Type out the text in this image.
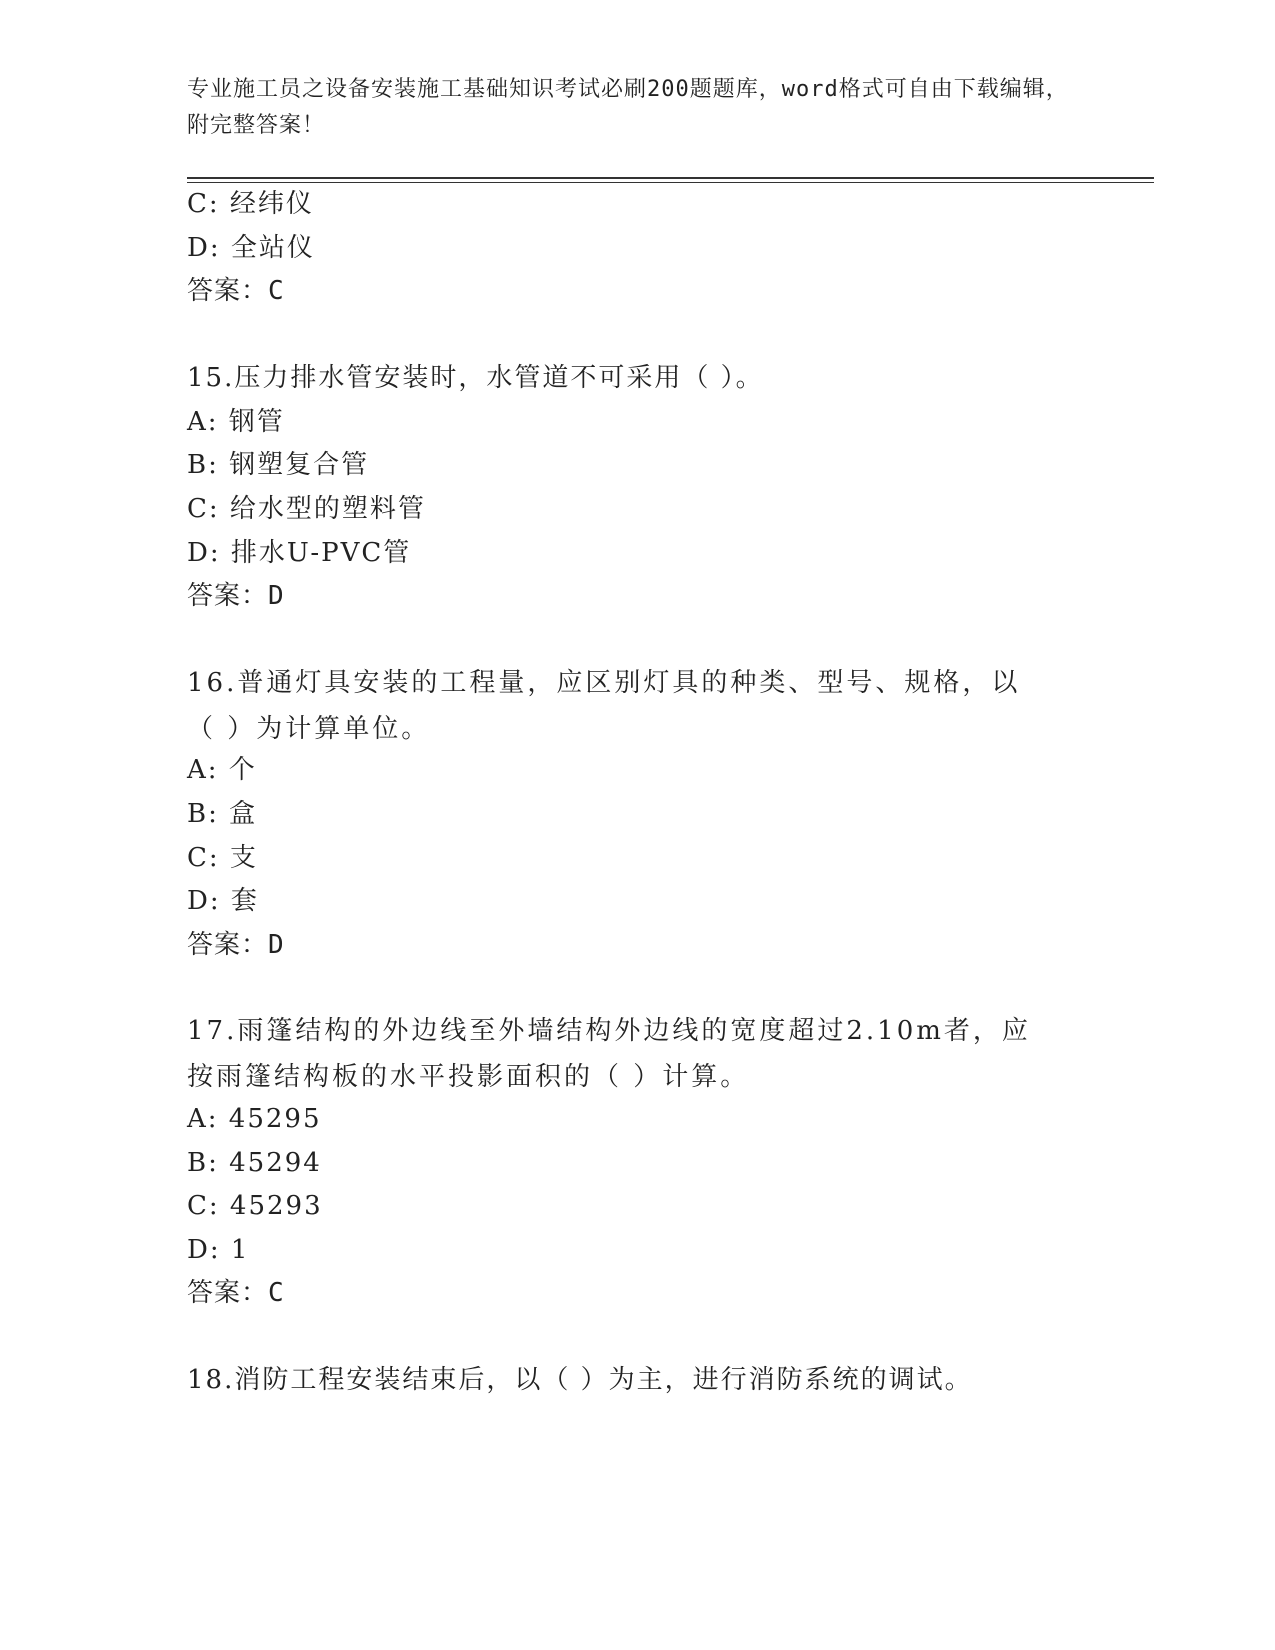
专业施工员之设备安装施工基础知识考试必刷200题题库，word格式可自由下载编辑，附完整答案！
C: 经纬仪
D: 全站仪
答案：C
15.压力排水管安装时，水管道不可采用（ ）。
A: 钢管
B: 钢塑复合管
C: 给水型的塑料管
D: 排水U-PVC管
答案：D
16.普通灯具安装的工程量，应区别灯具的种类、型号、规格，以（ ）为计算单位。
A: 个
B: 盒
C: 支
D: 套
答案：D
17.雨篷结构的外边线至外墙结构外边线的宽度超过2.10m者，应按雨篷结构板的水平投影面积的（ ）计算。
A: 45295
B: 45294
C: 45293
D: 1
答案：C
18.消防工程安装结束后，以（ ）为主，进行消防系统的调试。
